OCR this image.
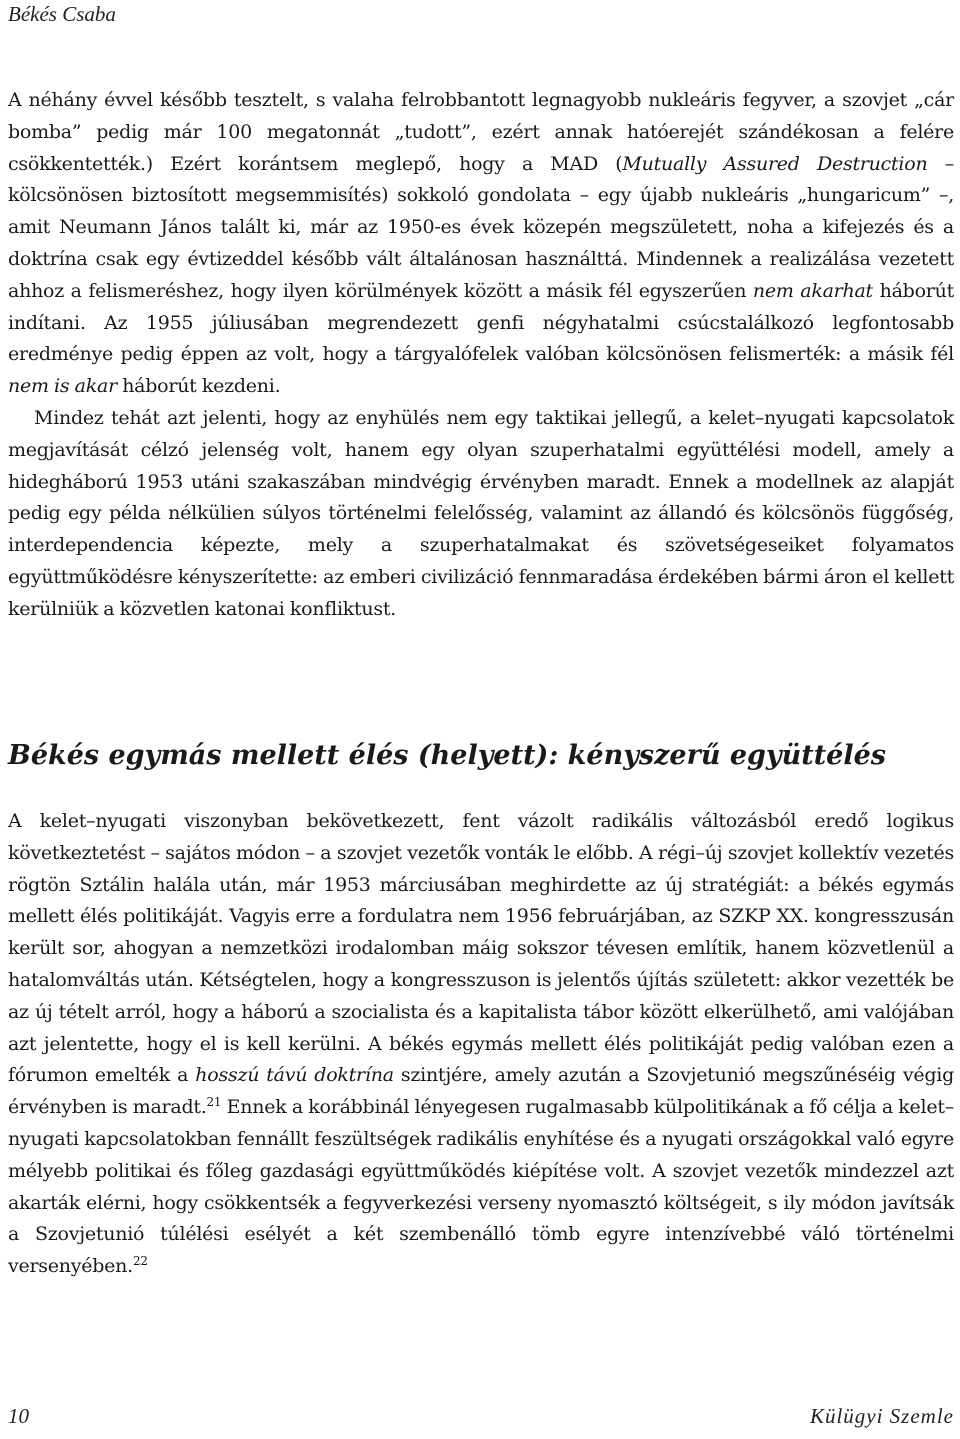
Békés Csaba

A néhány évvel később tesztelt, s valaha felrobbantott legnagyobb nukleáris fegyver, a szovjet „cár bomba” pedig már 100 megatonnát „tudott”, ezért annak hatóerejét szándékosan a felére csökkentették.) Ezért korántsem meglepő, hogy a MAD (Mutually Assured Destruction – kölcsönösen biztosított megsemmisítés) sokkoló gondolata – egy újabb nukleáris „hungaricum” –, amit Neumann János talált ki, már az 1950-es évek közepén megszületett, noha a kifejezés és a doktrína csak egy évtizeddel később vált általánosan használttá. Mindennek a realizálása vezetett ahhoz a felismeréshez, hogy ilyen körülmények között a másik fél egyszerűen nem akarhat háborút indítani. Az 1955 júliusában megrendezett genfi négyhatalmi csúcstalálkozó legfontosabb eredménye pedig éppen az volt, hogy a tárgyalófelek valóban kölcsönösen felismerték: a másik fél nem is akar háborút kezdeni.

Mindez tehát azt jelenti, hogy az enyhülés nem egy taktikai jellegű, a kelet–nyugati kapcsolatok megjavítását célzó jelenség volt, hanem egy olyan szuperhatalmi együttélési modell, amely a hidegháború 1953 utáni szakaszában mindvégig érvényben maradt. Ennek a modellnek az alapját pedig egy példa nélkülien súlyos történelmi felelősség, valamint az állandó és kölcsönös függőség, interdependencia képezte, mely a szuperhatalmakat és szövetségeseiket folyamatos együttműködésre kényszerítette: az emberi civilizáció fennmaradása érdekében bármi áron el kellett kerülniük a közvetlen katonai konfliktust.

Békés egymás mellett élés (helyett): kényszerű együttélés

A kelet–nyugati viszonyban bekövetkezett, fent vázolt radikális változásból eredő logikus következtetést – sajátos módon – a szovjet vezetők vonták le előbb. A régi–új szovjet kollektív vezetés rögtön Sztálin halála után, már 1953 márciusában meghirdette az új stratégiát: a békés egymás mellett élés politikáját. Vagyis erre a fordulatra nem 1956 februárjában, az SZKP XX. kongresszusán került sor, ahogyan a nemzetközi irodalomban máig sokszor tévesen említik, hanem közvetlenül a hatalomváltás után. Kétségtelen, hogy a kongresszuson is jelentős újítás született: akkor vezették be az új tételt arról, hogy a háború a szocialista és a kapitalista tábor között elkerülhető, ami valójában azt jelentette, hogy el is kell kerülni. A békés egymás mellett élés politikáját pedig valóban ezen a fórumon emelték a hosszú távú doktrína szintjére, amely azután a Szovjetunió megszűnéséig végig érvényben is maradt.$^{21}$ Ennek a korábbinál lényegesen rugalmasabb külpolitikának a fő célja a kelet–nyugati kapcsolatokban fennállt feszültségek radikális enyhítése és a nyugati országokkal való egyre mélyebb politikai és főleg gazdasági együttműködés kiépítése volt. A szovjet vezetők mindezzel azt akarták elérni, hogy csökkentsék a fegyverkezési verseny nyomasztó költségeit, s ily módon javítsák a Szovjetunió túlélési esélyét a két szembenálló tömb egyre intenzívebbé váló történelmi versenyében.$^{22}$

10	Külügyi Szemle
